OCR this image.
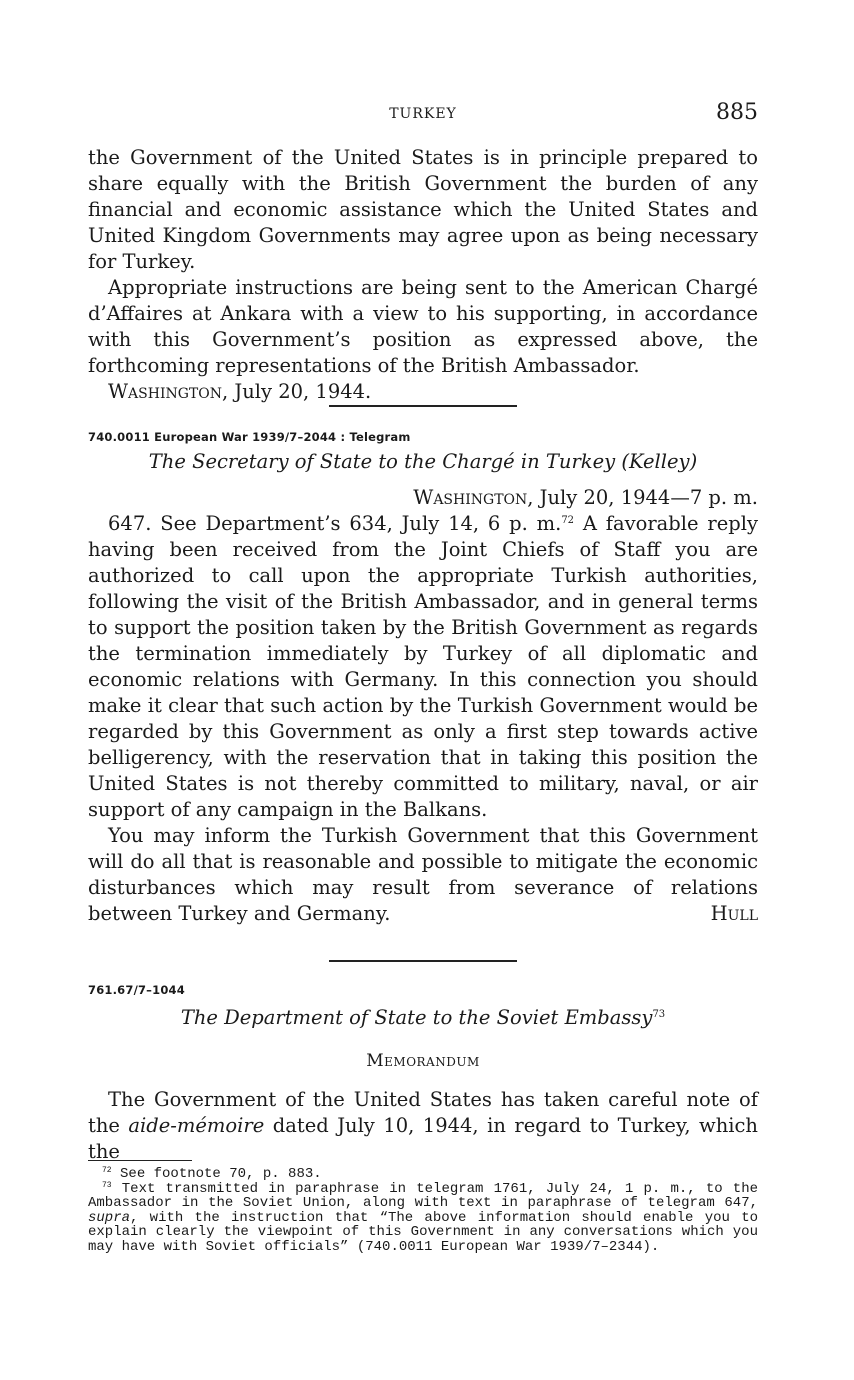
TURKEY	885

the Government of the United States is in principle prepared to share equally with the British Government the burden of any financial and economic assistance which the United States and United Kingdom Governments may agree upon as being necessary for Turkey.

Appropriate instructions are being sent to the American Chargé d’Affaires at Ankara with a view to his supporting, in accordance with this Government’s position as expressed above, the forthcoming representations of the British Ambassador.

Washington, July 20, 1944.

740.0011 European War 1939/7–2044 : Telegram
The Secretary of State to the Chargé in Turkey (Kelley)
Washington, July 20, 1944—7 p. m.

647. See Department’s 634, July 14, 6 p. m.$^{72}$ A favorable reply having been received from the Joint Chiefs of Staff you are authorized to call upon the appropriate Turkish authorities, following the visit of the British Ambassador, and in general terms to support the position taken by the British Government as regards the termination immediately by Turkey of all diplomatic and economic relations with Germany. In this connection you should make it clear that such action by the Turkish Government would be regarded by this Government as only a first step towards active belligerency, with the reservation that in taking this position the United States is not thereby committed to military, naval, or air support of any campaign in the Balkans.

You may inform the Turkish Government that this Government will do all that is reasonable and possible to mitigate the economic disturbances which may result from severance of relations between Turkey and Germany.	Hull

761.67/7–1044
The Department of State to the Soviet Embassy$^{73}$
Memorandum

The Government of the United States has taken careful note of the aide-mémoire dated July 10, 1944, in regard to Turkey, which the

$^{72}$ See footnote 70, p. 883.

$^{73}$ Text transmitted in paraphrase in telegram 1761, July 24, 1 p. m., to the Ambassador in the Soviet Union, along with text in paraphrase of telegram 647, supra, with the instruction that “The above information should enable you to explain clearly the viewpoint of this Government in any conversations which you may have with Soviet officials” (740.0011 European War 1939/7–2344).
